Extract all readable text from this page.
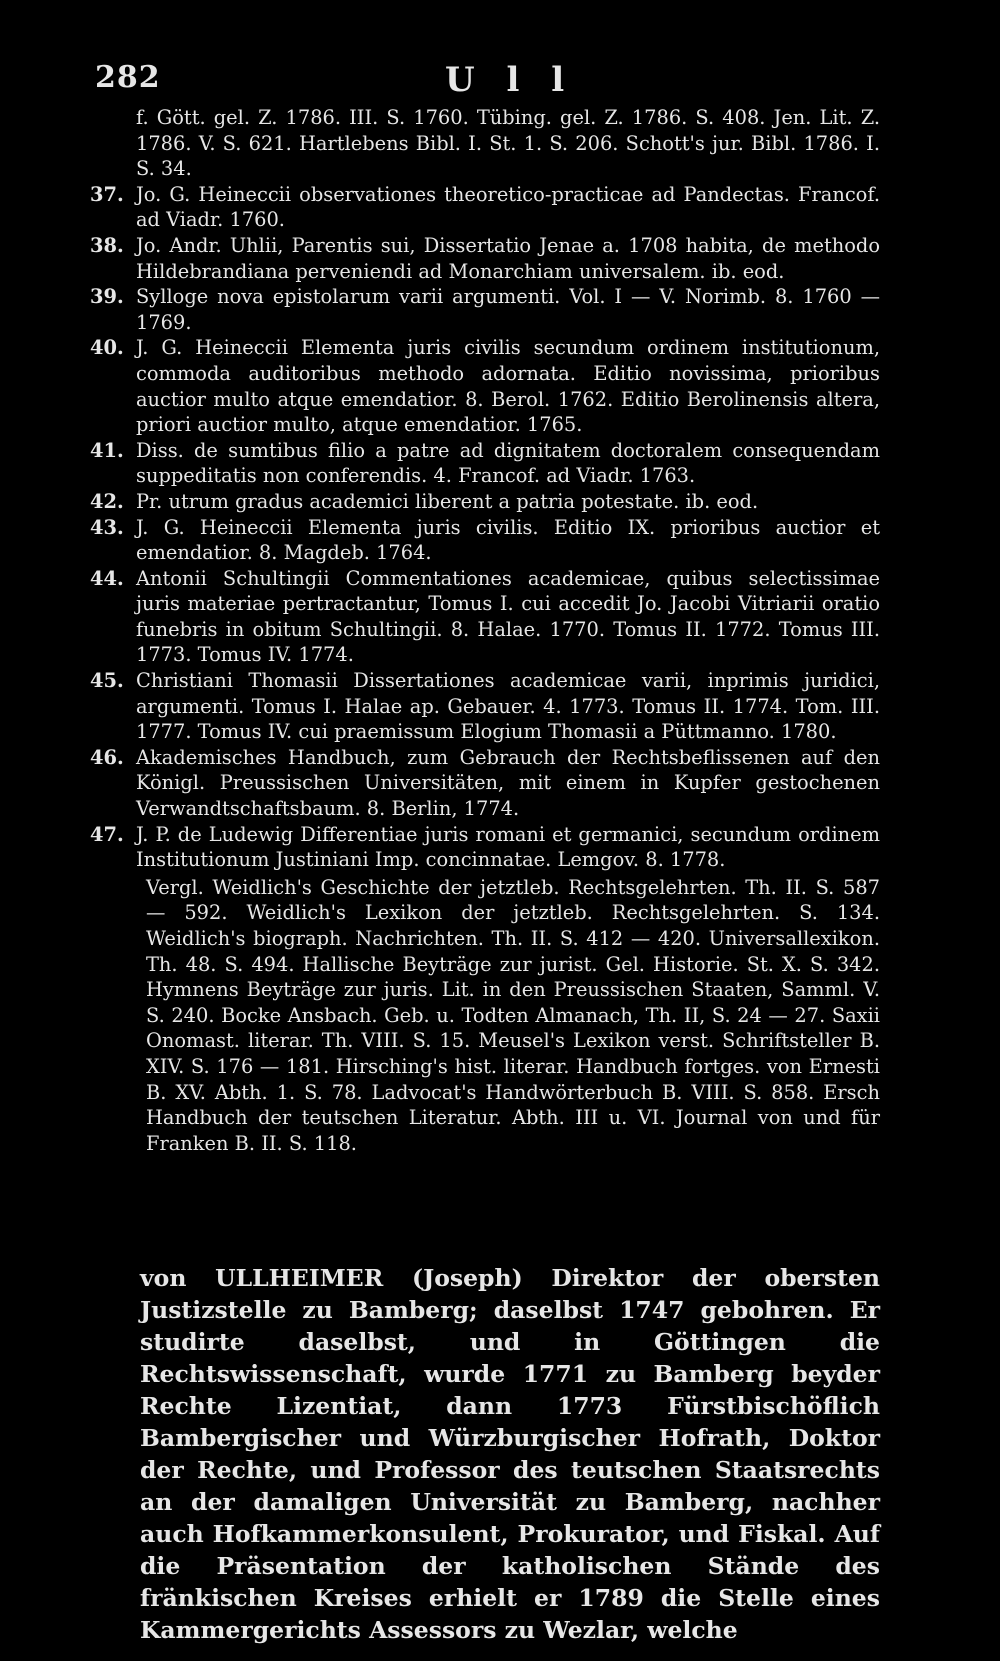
282	U l l
f. Gött. gel. Z. 1786. III. S. 1760. Tübing. gel. Z. 1786. S. 408. Jen. Lit. Z. 1786. V. S. 621. Hartlebens Bibl. I. St. 1. S. 206. Schott's jur. Bibl. 1786. I. S. 34.
37. Jo. G. Heineccii observationes theoretico-practicae ad Pandectas. Francof. ad Viadr. 1760.
38. Jo. Andr. Uhlii, Parentis sui, Dissertatio Jenae a. 1708 habita, de methodo Hildebrandiana perveniendi ad Monarchiam universalem. ib. eod.
39. Sylloge nova epistolarum varii argumenti. Vol. I — V. Norimb. 8. 1760 — 1769.
40. J. G. Heineccii Elementa juris civilis secundum ordinem institutionum, commoda auditoribus methodo adornata. Editio novissima, prioribus auctior multo atque emendatior. 8. Berol. 1762. Editio Berolinensis altera, priori auctior multo, atque emendatior. 1765.
41. Diss. de sumtibus filio a patre ad dignitatem doctoralem consequendam suppeditatis non conferendis. 4. Francof. ad Viadr. 1763.
42. Pr. utrum gradus academici liberent a patria potestate. ib. eod.
43. J. G. Heineccii Elementa juris civilis. Editio IX. prioribus auctior et emendatior. 8. Magdeb. 1764.
44. Antonii Schultingii Commentationes academicae, quibus selectissimae juris materiae pertractantur, Tomus I. cui accedit Jo. Jacobi Vitriarii oratio funebris in obitum Schultingii. 8. Halae. 1770. Tomus II. 1772. Tomus III. 1773. Tomus IV. 1774.
45. Christiani Thomasii Dissertationes academicae varii, inprimis juridici, argumenti. Tomus I. Halae ap. Gebauer. 4. 1773. Tomus II. 1774. Tom. III. 1777. Tomus IV. cui praemissum Elogium Thomasii a Püttmanno. 1780.
46. Akademisches Handbuch, zum Gebrauch der Rechtsbeflissenen auf den Königl. Preussischen Universitäten, mit einem in Kupfer gestochenen Verwandtschaftsbaum. 8. Berlin, 1774.
47. J. P. de Ludewig Differentiae juris romani et germanici, secundum ordinem Institutionum Justiniani Imp. concinnatae. Lemgov. 8. 1778.
Vergl. Weidlich's Geschichte der jetztleb. Rechtsgelehrten. Th. II. S. 587 — 592. Weidlich's Lexikon der jetztleb. Rechtsgelehrten. S. 134. Weidlich's biograph. Nachrichten. Th. II. S. 412 — 420. Universallexikon. Th. 48. S. 494. Hallische Beyträge zur jurist. Gel. Historie. St. X. S. 342. Hymnens Beyträge zur juris. Lit. in den Preussischen Staaten, Samml. V. S. 240. Bocke Ansbach. Geb. u. Todten Almanach, Th. II, S. 24 — 27. Saxii Onomast. literar. Th. VIII. S. 15. Meusel's Lexikon verst. Schriftsteller B. XIV. S. 176 — 181. Hirsching's hist. literar. Handbuch fortges. von Ernesti B. XV. Abth. 1. S. 78. Ladvocat's Handwörterbuch B. VIII. S. 858. Ersch Handbuch der teutschen Literatur. Abth. III u. VI. Journal von und für Franken B. II. S. 118.
von ULLHEIMER (Joseph) Direktor der obersten Justizstelle zu Bamberg; daselbst 1747 gebohren. Er studirte daselbst, und in Göttingen die Rechtswissenschaft, wurde 1771 zu Bamberg beyder Rechte Lizentiat, dann 1773 Fürstbischöflich Bambergischer und Würzburgischer Hofrath, Doktor der Rechte, und Professor des teutschen Staatsrechts an der damaligen Universität zu Bamberg, nachher auch Hofkammerkonsulent, Prokurator, und Fiskal. Auf die Präsentation der katholischen Stände des fränkischen Kreises erhielt er 1789 die Stelle eines Kammergerichts Assessors zu Wezlar, welche
